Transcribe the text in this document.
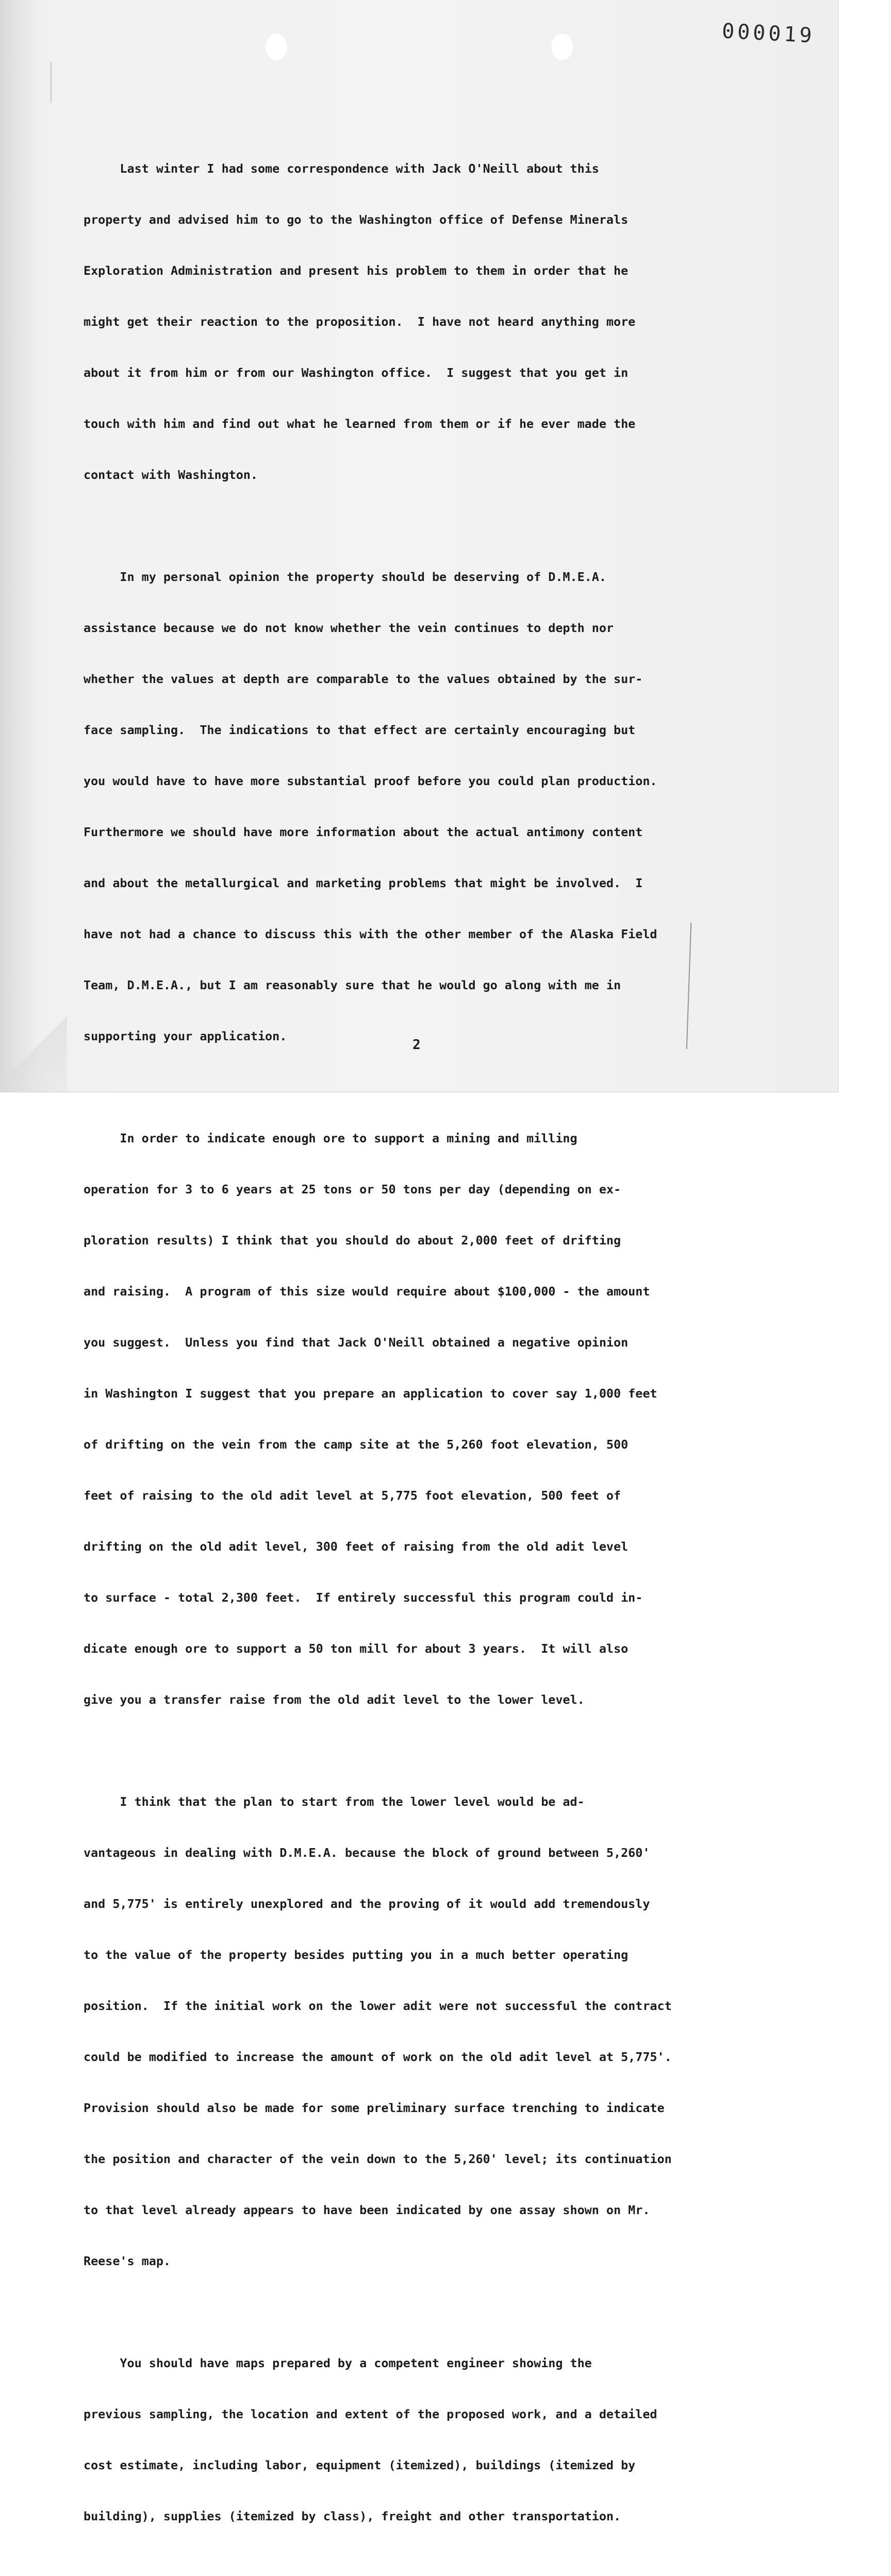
000019

Last winter I had some correspondence with Jack O'Neill about this

property and advised him to go to the Washington office of Defense Minerals

Exploration Administration and present his problem to them in order that he

might get their reaction to the proposition.  I have not heard anything more

about it from him or from our Washington office.  I suggest that you get in

touch with him and find out what he learned from them or if he ever made the

contact with Washington.

In my personal opinion the property should be deserving of D.M.E.A.

assistance because we do not know whether the vein continues to depth nor

whether the values at depth are comparable to the values obtained by the sur-

face sampling.  The indications to that effect are certainly encouraging but

you would have to have more substantial proof before you could plan production.

Furthermore we should have more information about the actual antimony content

and about the metallurgical and marketing problems that might be involved.  I

have not had a chance to discuss this with the other member of the Alaska Field

Team, D.M.E.A., but I am reasonably sure that he would go along with me in

supporting your application.

In order to indicate enough ore to support a mining and milling

operation for 3 to 6 years at 25 tons or 50 tons per day (depending on ex-

ploration results) I think that you should do about 2,000 feet of drifting

and raising.  A program of this size would require about $100,000 - the amount

you suggest.  Unless you find that Jack O'Neill obtained a negative opinion

in Washington I suggest that you prepare an application to cover say 1,000 feet

of drifting on the vein from the camp site at the 5,260 foot elevation, 500

feet of raising to the old adit level at 5,775 foot elevation, 500 feet of

drifting on the old adit level, 300 feet of raising from the old adit level

to surface - total 2,300 feet.  If entirely successful this program could in-

dicate enough ore to support a 50 ton mill for about 3 years.  It will also

give you a transfer raise from the old adit level to the lower level.

I think that the plan to start from the lower level would be ad-

vantageous in dealing with D.M.E.A. because the block of ground between 5,260'

and 5,775' is entirely unexplored and the proving of it would add tremendously

to the value of the property besides putting you in a much better operating

position.  If the initial work on the lower adit were not successful the contract

could be modified to increase the amount of work on the old adit level at 5,775'.

Provision should also be made for some preliminary surface trenching to indicate

the position and character of the vein down to the 5,260' level; its continuation

to that level already appears to have been indicated by one assay shown on Mr.

Reese's map.

You should have maps prepared by a competent engineer showing the

previous sampling, the location and extent of the proposed work, and a detailed

cost estimate, including labor, equipment (itemized), buildings (itemized by

building), supplies (itemized by class), freight and other transportation.

2
